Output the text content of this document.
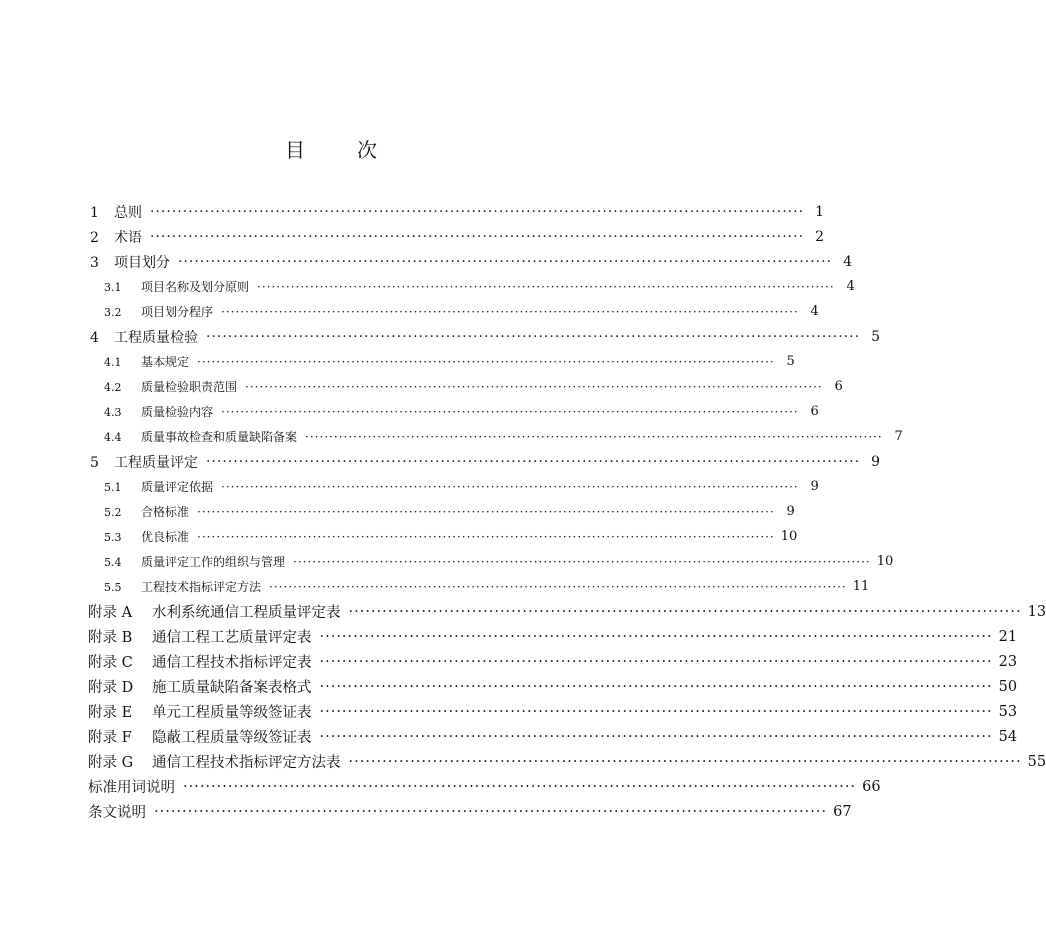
目	次
1 总则 ························································································································ 1
2 术语 ························································································································ 2
3 项目划分 ························································································································ 4
3.1 项目名称及划分原则 ························································································································ 4
3.2 项目划分程序 ························································································································ 4
4 工程质量检验 ························································································································ 5
4.1 基本规定 ························································································································ 5
4.2 质量检验职责范围 ························································································································ 6
4.3 质量检验内容 ························································································································ 6
4.4 质量事故检查和质量缺陷备案 ························································································································ 7
5 工程质量评定 ························································································································ 9
5.1 质量评定依据 ························································································································ 9
5.2 合格标准 ························································································································ 9
5.3 优良标准 ························································································································ 10
5.4 质量评定工作的组织与管理 ························································································································ 10
5.5 工程技术指标评定方法 ························································································································ 11
附录 A 水利系统通信工程质量评定表 ························································································································ 13
附录 B 通信工程工艺质量评定表 ························································································································ 21
附录 C 通信工程技术指标评定表 ························································································································ 23
附录 D 施工质量缺陷备案表格式 ························································································································ 50
附录 E 单元工程质量等级签证表 ························································································································ 53
附录 F 隐蔽工程质量等级签证表 ························································································································ 54
附录 G 通信工程技术指标评定方法表 ························································································································ 55
标准用词说明 ························································································································ 66
条文说明 ························································································································ 67
